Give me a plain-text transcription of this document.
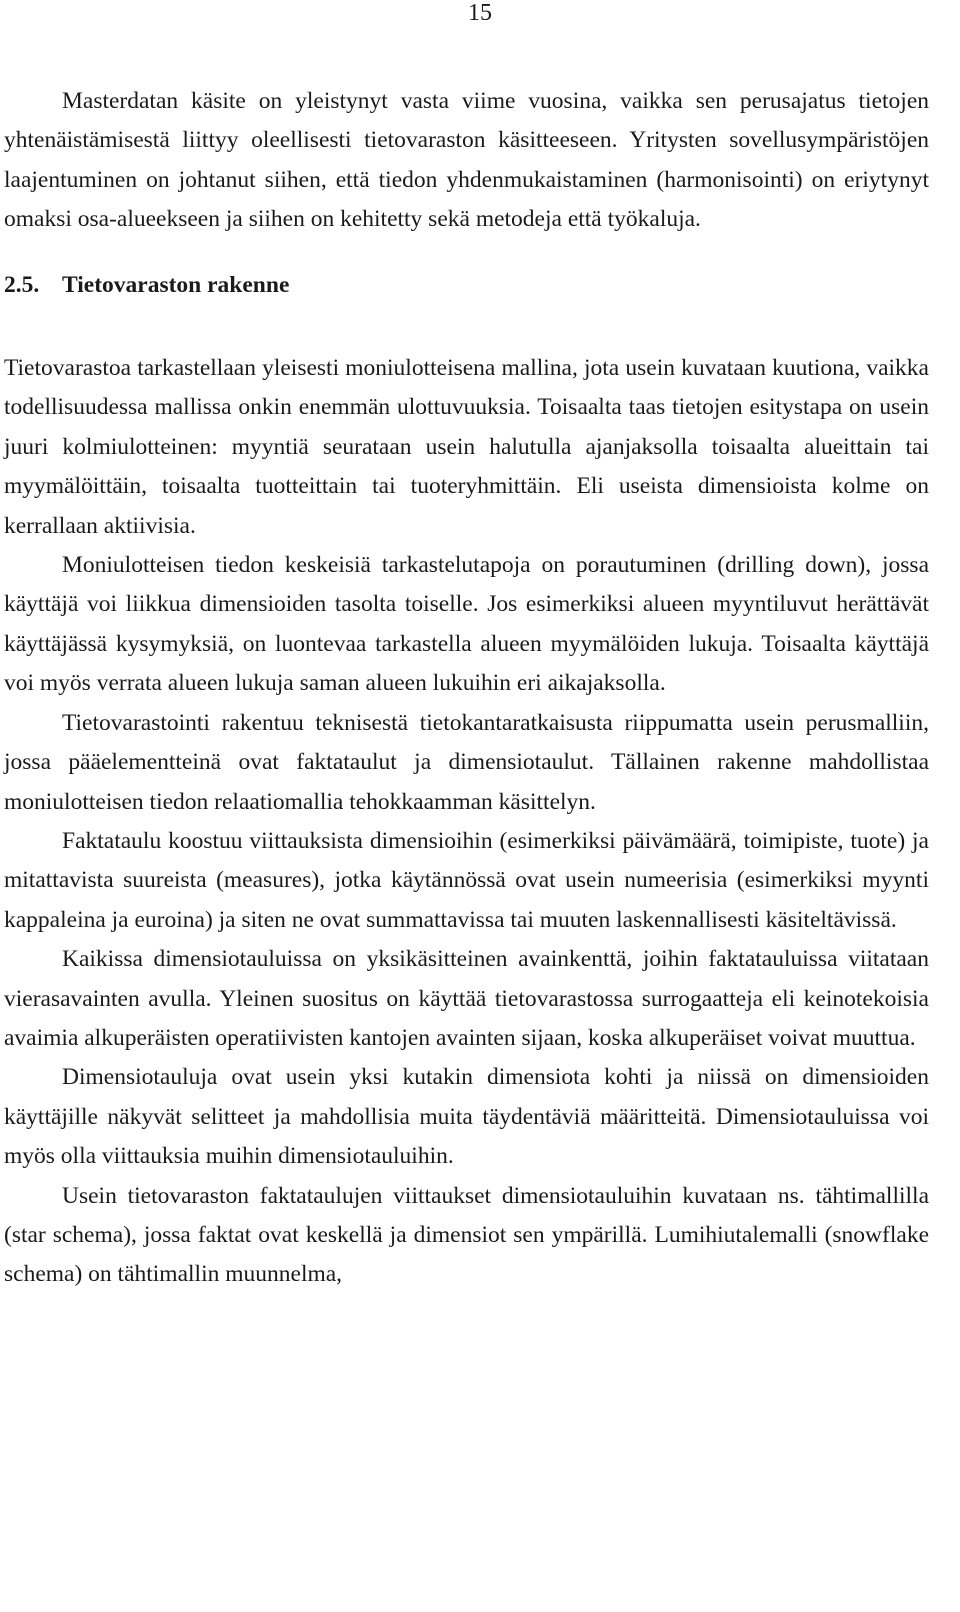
15

Masterdatan käsite on yleistynyt vasta viime vuosina, vaikka sen perusajatus tietojen yhtenäistämisestä liittyy oleellisesti tietovaraston käsitteeseen. Yritysten sovellusympäristöjen laajentuminen on johtanut siihen, että tiedon yhdenmukaistaminen (harmonisointi) on eriytynyt omaksi osa-alueekseen ja siihen on kehitetty sekä metodeja että työkaluja.

2.5. Tietovaraston rakenne

Tietovarastoa tarkastellaan yleisesti moniulotteisena mallina, jota usein kuvataan kuutiona, vaikka todellisuudessa mallissa onkin enemmän ulottuvuuksia. Toisaalta taas tietojen esitystapa on usein juuri kolmiulotteinen: myyntiä seurataan usein halutulla ajanjaksolla toisaalta alueittain tai myymälöittäin, toisaalta tuotteittain tai tuoteryhmittäin. Eli useista dimensioista kolme on kerrallaan aktiivisia.

Moniulotteisen tiedon keskeisiä tarkastelutapoja on porautuminen (drilling down), jossa käyttäjä voi liikkua dimensioiden tasolta toiselle. Jos esimerkiksi alueen myyntiluvut herättävät käyttäjässä kysymyksiä, on luontevaa tarkastella alueen myymälöiden lukuja. Toisaalta käyttäjä voi myös verrata alueen lukuja saman alueen lukuihin eri aikajaksolla.

Tietovarastointi rakentuu teknisestä tietokantaratkaisusta riippumatta usein perusmalliin, jossa pääelementteinä ovat faktataulut ja dimensiotaulut. Tällainen rakenne mahdollistaa moniulotteisen tiedon relaatiomallia tehokkaamman käsittelyn.

Faktataulu koostuu viittauksista dimensioihin (esimerkiksi päivämäärä, toimipiste, tuote) ja mitattavista suureista (measures), jotka käytännössä ovat usein numeerisia (esimerkiksi myynti kappaleina ja euroina) ja siten ne ovat summattavissa tai muuten laskennallisesti käsiteltävissä.

Kaikissa dimensiotauluissa on yksikäsitteinen avainkenttä, joihin faktatauluissa viitataan vierasavainten avulla. Yleinen suositus on käyttää tietovarastossa surrogaatteja eli keinotekoisia avaimia alkuperäisten operatiivisten kantojen avainten sijaan, koska alkuperäiset voivat muuttua.

Dimensiotauluja ovat usein yksi kutakin dimensiota kohti ja niissä on dimensioiden käyttäjille näkyvät selitteet ja mahdollisia muita täydentäviä määritteitä. Dimensiotauluissa voi myös olla viittauksia muihin dimensiotauluihin.

Usein tietovaraston faktataulujen viittaukset dimensiotauluihin kuvataan ns. tähtimallilla (star schema), jossa faktat ovat keskellä ja dimensiot sen ympärillä. Lumihiutalemalli (snowflake schema) on tähtimallin muunnelma,
